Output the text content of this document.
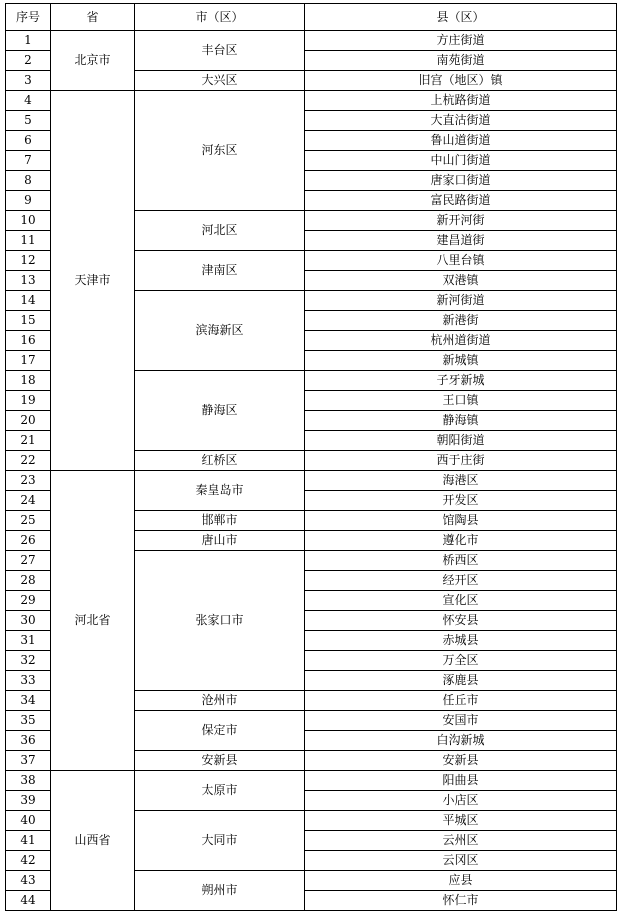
序号	省	市（区）	县（区）
1	北京市	丰台区	方庄街道
2			南苑街道
3		大兴区	旧宫（地区）镇
4	天津市	河东区	上杭路街道
5			大直沽街道
6			鲁山道街道
7			中山门街道
8			唐家口街道
9			富民路街道
10		河北区	新开河街
11			建昌道街
12		津南区	八里台镇
13			双港镇
14		滨海新区	新河街道
15			新港街
16			杭州道街道
17			新城镇
18		静海区	子牙新城
19			王口镇
20			静海镇
21			朝阳街道
22		红桥区	西于庄街
23	河北省	秦皇岛市	海港区
24			开发区
25		邯郸市	馆陶县
26		唐山市	遵化市
27		张家口市	桥西区
28			经开区
29			宣化区
30			怀安县
31			赤城县
32			万全区
33			涿鹿县
34		沧州市	任丘市
35		保定市	安国市
36			白沟新城
37		安新县	安新县
38	山西省	太原市	阳曲县
39			小店区
40		大同市	平城区
41			云州区
42			云冈区
43		朔州市	应县
44			怀仁市
